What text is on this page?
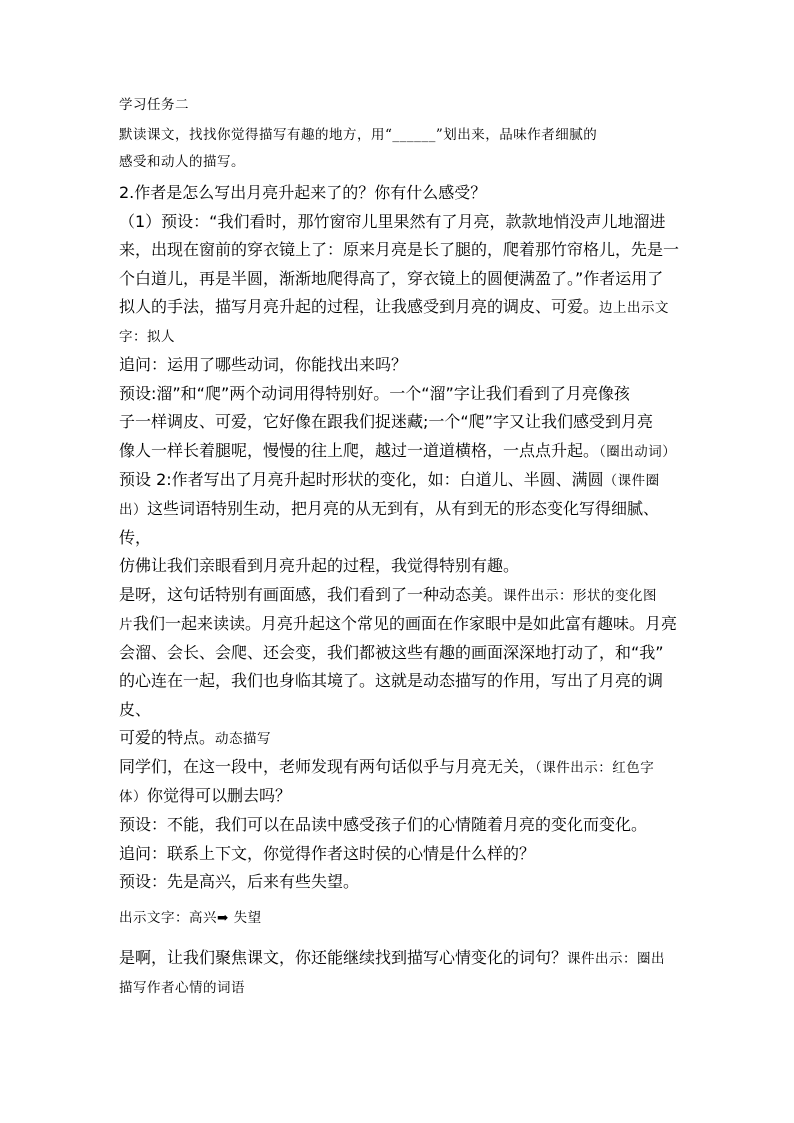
学习任务二

默读课文，找找你觉得描写有趣的地方，用“______”划出来，品味作者细腻的
感受和动人的描写。

2.作者是怎么写出月亮升起来了的？你有什么感受？

（1）预设：“我们看时，那竹窗帘儿里果然有了月亮，款款地悄没声儿地溜进
来，出现在窗前的穿衣镜上了：原来月亮是长了腿的，爬着那竹帘格儿，先是一
个白道儿，再是半圆，渐渐地爬得高了，穿衣镜上的圆便满盈了。”作者运用了
拟人的手法，描写月亮升起的过程，让我感受到月亮的调皮、可爱。边上出示文
字：拟人

追问：运用了哪些动词，你能找出来吗？

预设:溜”和“爬”两个动词用得特别好。一个“溜”字让我们看到了月亮像孩
子一样调皮、可爱，它好像在跟我们捉迷藏;一个“爬”字又让我们感受到月亮
像人一样长着腿呢，慢慢的往上爬，越过一道道横格，一点点升起。（圈出动词）

预设 2:作者写出了月亮升起时形状的变化，如：白道儿、半圆、满圆（课件圈
出）这些词语特别生动，把月亮的从无到有，从有到无的形态变化写得细腻、传，
仿佛让我们亲眼看到月亮升起的过程，我觉得特别有趣。

是呀，这句话特别有画面感，我们看到了一种动态美。课件出示：形状的变化图
片我们一起来读读。月亮升起这个常见的画面在作家眼中是如此富有趣味。月亮
会溜、会长、会爬、还会变，我们都被这些有趣的画面深深地打动了，和“我”
的心连在一起，我们也身临其境了。这就是动态描写的作用，写出了月亮的调皮、
可爱的特点。动态描写

同学们，在这一段中，老师发现有两句话似乎与月亮无关，（课件出示：红色字
体）你觉得可以删去吗？

预设：不能，我们可以在品读中感受孩子们的心情随着月亮的变化而变化。

追问：联系上下文，你觉得作者这时侯的心情是什么样的？

预设：先是高兴，后来有些失望。

出示文字：高兴➡ 失望

是啊，让我们聚焦课文，你还能继续找到描写心情变化的词句？课件出示：圈出
描写作者心情的词语
